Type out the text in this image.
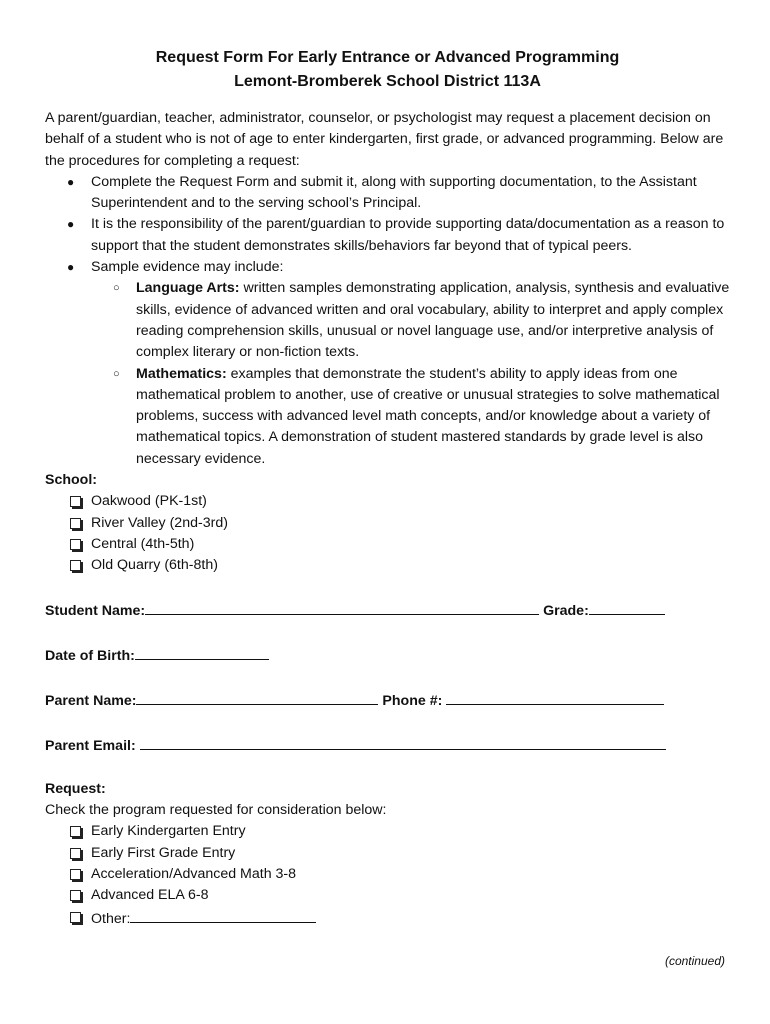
Request Form For Early Entrance or Advanced Programming
Lemont-Bromberek School District 113A
A parent/guardian, teacher, administrator, counselor, or psychologist may request a placement decision on behalf of a student who is not of age to enter kindergarten, first grade, or advanced programming. Below are the procedures for completing a request:
● Complete the Request Form and submit it, along with supporting documentation, to the Assistant Superintendent and to the serving school’s Principal.
● It is the responsibility of the parent/guardian to provide supporting data/documentation as a reason to support that the student demonstrates skills/behaviors far beyond that of typical peers.
● Sample evidence may include:
○ Language Arts: written samples demonstrating application, analysis, synthesis and evaluative skills, evidence of advanced written and oral vocabulary, ability to interpret and apply complex reading comprehension skills, unusual or novel language use, and/or interpretive analysis of complex literary or non-fiction texts.
○ Mathematics: examples that demonstrate the student’s ability to apply ideas from one mathematical problem to another, use of creative or unusual strategies to solve mathematical problems, success with advanced level math concepts, and/or knowledge about a variety of mathematical topics. A demonstration of student mastered standards by grade level is also necessary evidence.
School:
Oakwood (PK-1st)
River Valley (2nd-3rd)
Central (4th-5th)
Old Quarry (6th-8th)
Student Name:	Grade:
Date of Birth:
Parent Name:	Phone #:
Parent Email:
Request:
Check the program requested for consideration below:
Early Kindergarten Entry
Early First Grade Entry
Acceleration/Advanced Math 3-8
Advanced ELA 6-8
Other:
(continued)
